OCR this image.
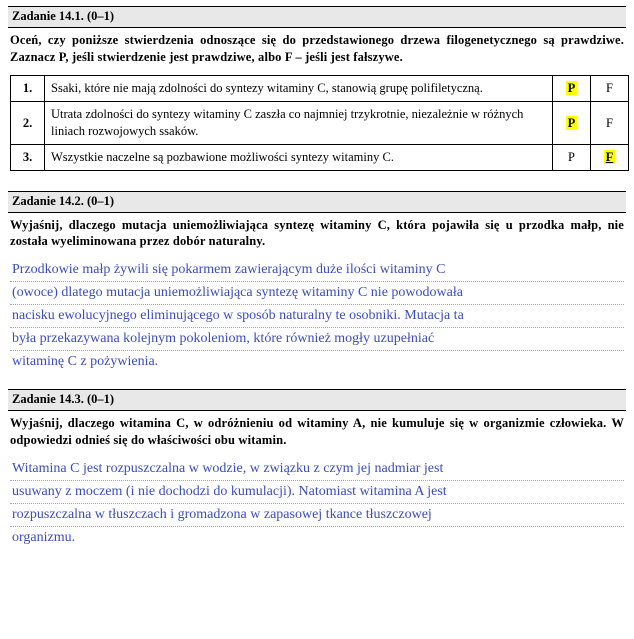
Zadanie 14.1. (0–1)
Oceń, czy poniższe stwierdzenia odnoszące się do przedstawionego drzewa filogenetycznego są prawdziwe. Zaznacz P, jeśli stwierdzenie jest prawdziwe, albo F – jeśli jest fałszywe.
1.	Ssaki, które nie mają zdolności do syntezy witaminy C, stanowią grupę polifiletyczną.	P	F
2.	Utrata zdolności do syntezy witaminy C zaszła co najmniej trzykrotnie, niezależnie w różnych liniach rozwojowych ssaków.	P	F
3.	Wszystkie naczelne są pozbawione możliwości syntezy witaminy C.	P	F
Zadanie 14.2. (0–1)
Wyjaśnij, dlaczego mutacja uniemożliwiająca syntezę witaminy C, która pojawiła się u przodka małp, nie została wyeliminowana przez dobór naturalny.
Przodkowie małp żywili się pokarmem zawierającym duże ilości witaminy C
(owoce) dlatego mutacja uniemożliwiająca syntezę witaminy C nie powodowała
nacisku ewolucyjnego eliminującego w sposób naturalny te osobniki. Mutacja ta
była przekazywana kolejnym pokoleniom, które również mogły uzupełniać
witaminę C z pożywienia.
Zadanie 14.3. (0–1)
Wyjaśnij, dlaczego witamina C, w odróżnieniu od witaminy A, nie kumuluje się w organizmie człowieka. W odpowiedzi odnieś się do właściwości obu witamin.
Witamina C jest rozpuszczalna w wodzie, w związku z czym jej nadmiar jest
usuwany z moczem (i nie dochodzi do kumulacji). Natomiast witamina A jest
rozpuszczalna w tłuszczach i gromadzona w zapasowej tkance tłuszczowej
organizmu.
